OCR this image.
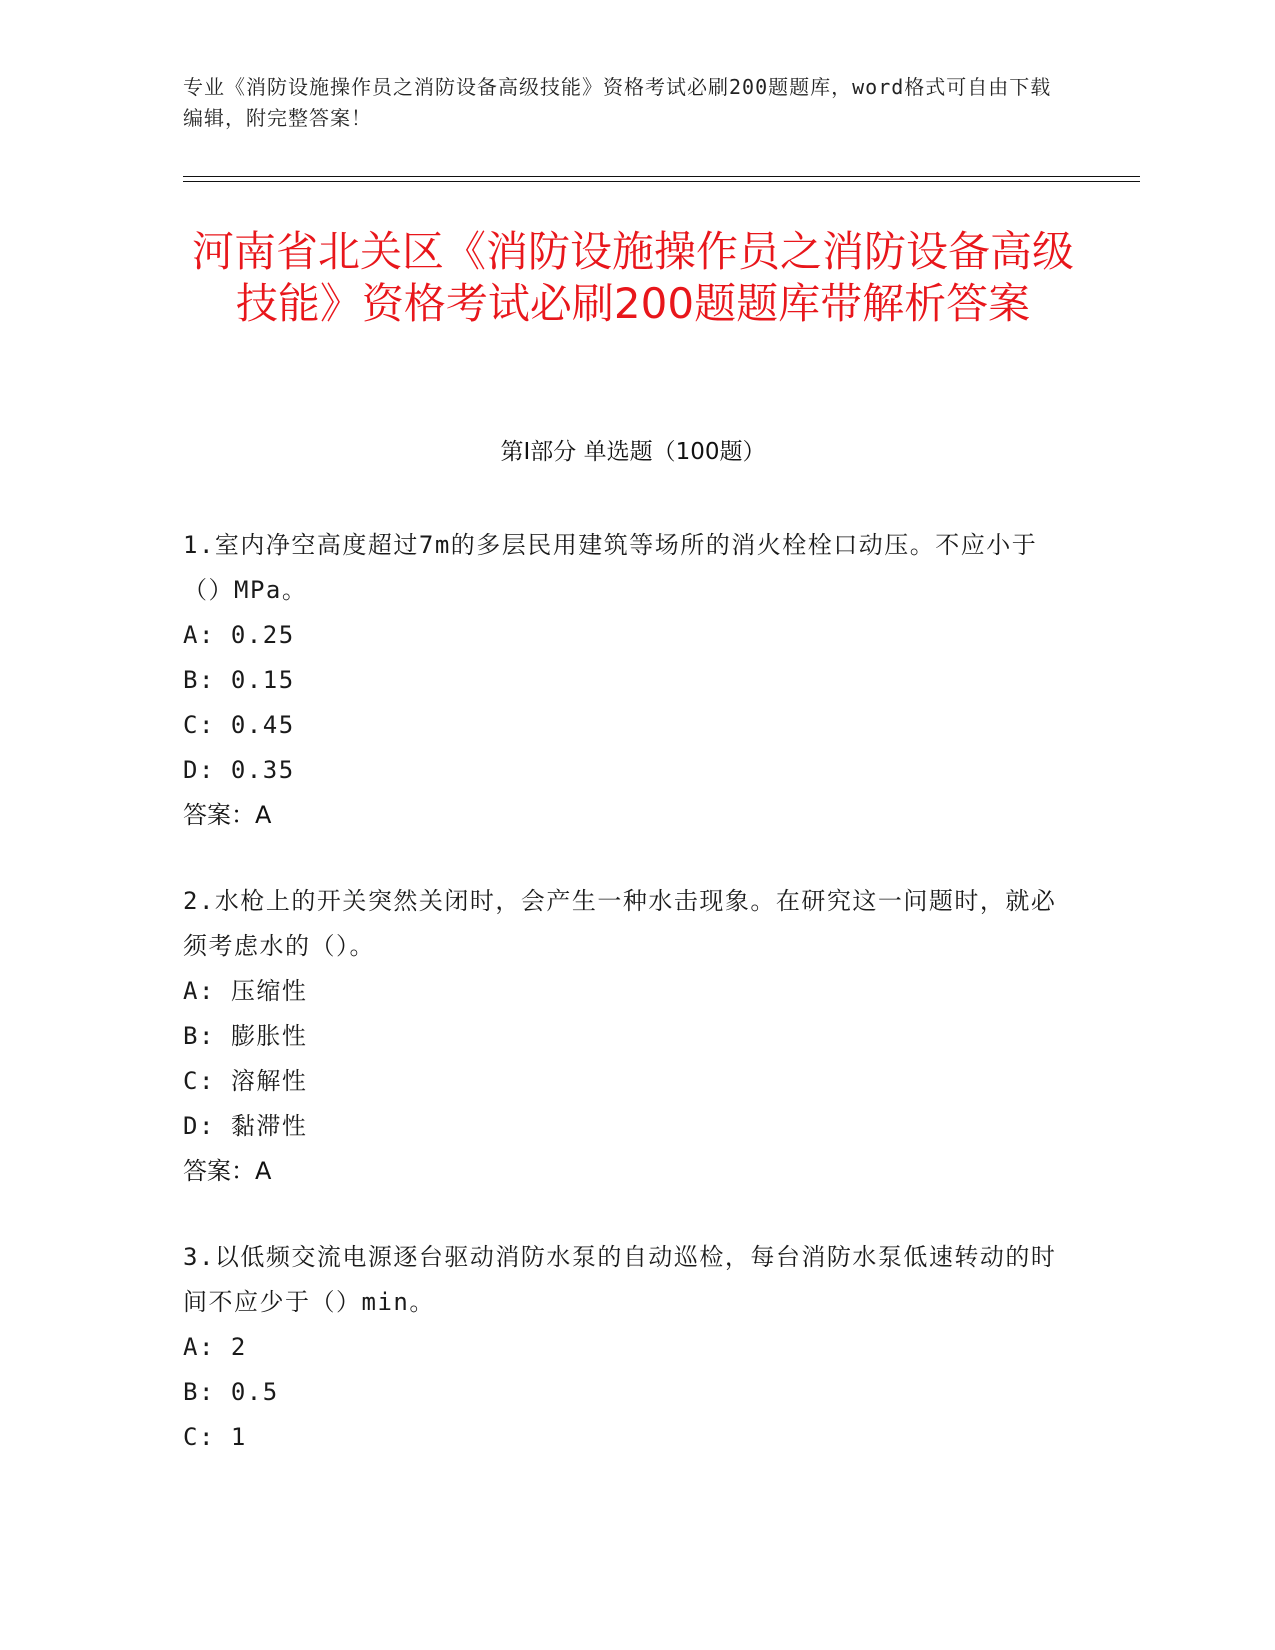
专业《消防设施操作员之消防设备高级技能》资格考试必刷200题题库，word格式可自由下载编辑，附完整答案！
河南省北关区《消防设施操作员之消防设备高级技能》资格考试必刷200题题库带解析答案
第Ⅰ部分 单选题（100题）
1.室内净空高度超过7m的多层民用建筑等场所的消火栓栓口动压。不应小于（）MPa。
A: 0.25
B: 0.15
C: 0.45
D: 0.35
答案：A
2.水枪上的开关突然关闭时，会产生一种水击现象。在研究这一问题时，就必须考虑水的（）。
A: 压缩性
B: 膨胀性
C: 溶解性
D: 黏滞性
答案：A
3.以低频交流电源逐台驱动消防水泵的自动巡检，每台消防水泵低速转动的时间不应少于（）min。
A: 2
B: 0.5
C: 1
